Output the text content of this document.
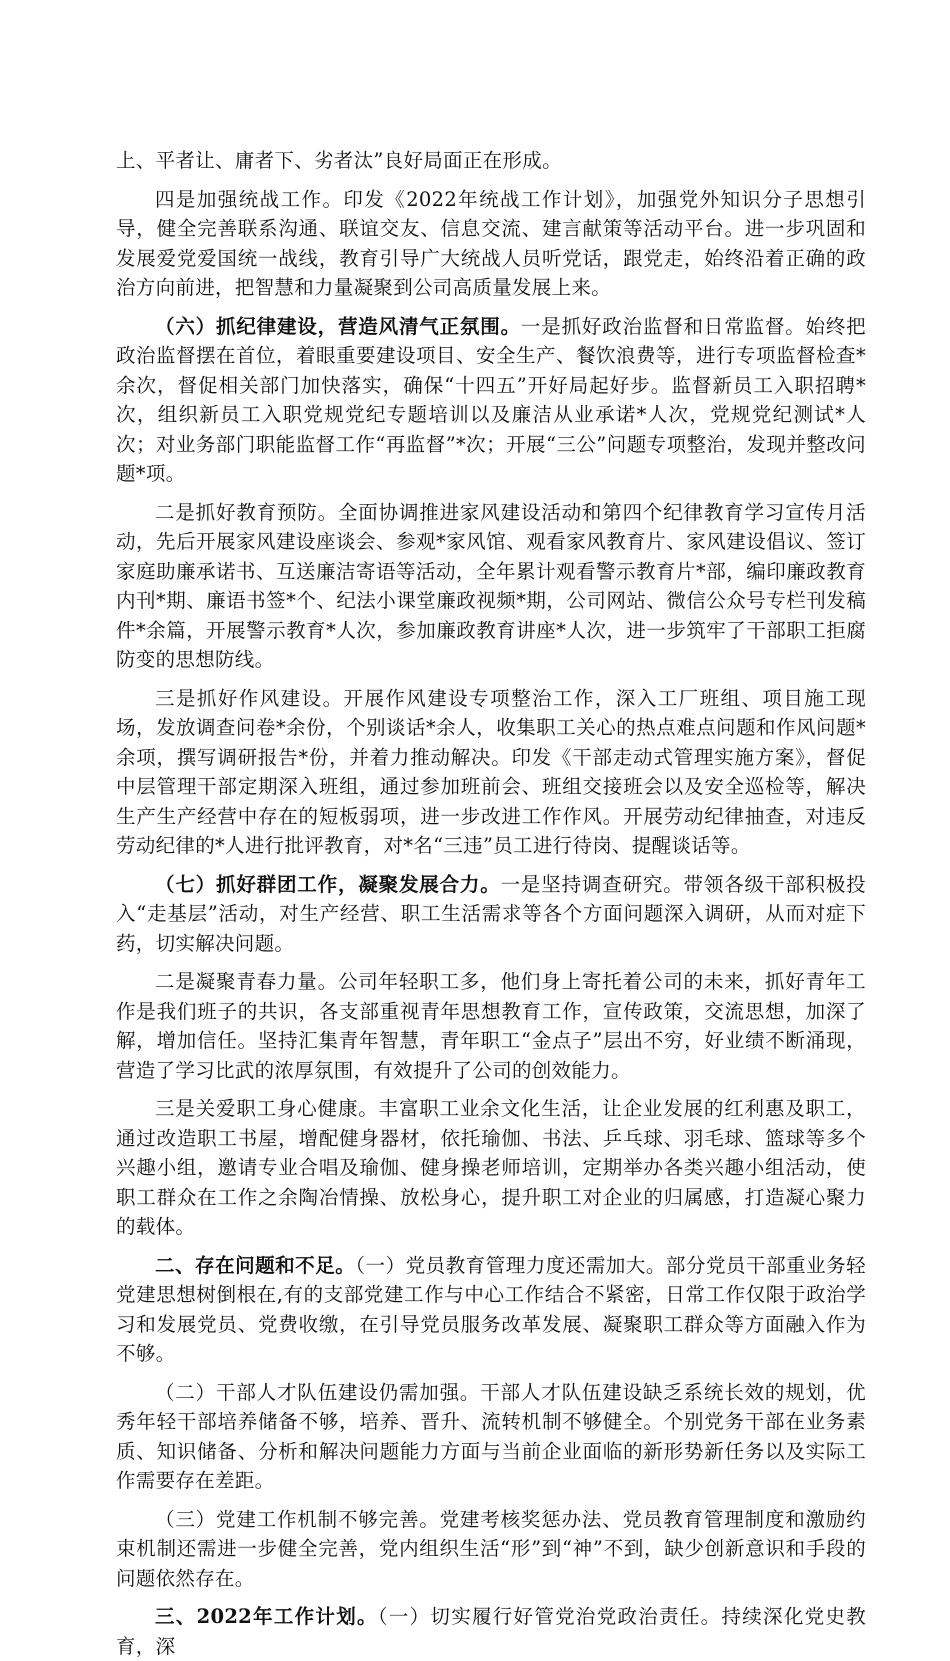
上、平者让、庸者下、劣者汰”良好局面正在形成。

四是加强统战工作。印发《2022年统战工作计划》，加强党外知识分子思想引导，健全完善联系沟通、联谊交友、信息交流、建言献策等活动平台。进一步巩固和发展爱党爱国统一战线，教育引导广大统战人员听党话，跟党走，始终沿着正确的政治方向前进，把智慧和力量凝聚到公司高质量发展上来。

（六）抓纪律建设，营造风清气正氛围。一是抓好政治监督和日常监督。始终把政治监督摆在首位，着眼重要建设项目、安全生产、餐饮浪费等，进行专项监督检查*余次，督促相关部门加快落实，确保“十四五”开好局起好步。监督新员工入职招聘*次，组织新员工入职党规党纪专题培训以及廉洁从业承诺*人次，党规党纪测试*人次；对业务部门职能监督工作“再监督”*次；开展“三公”问题专项整治，发现并整改问题*项。

二是抓好教育预防。全面协调推进家风建设活动和第四个纪律教育学习宣传月活动，先后开展家风建设座谈会、参观*家风馆、观看家风教育片、家风建设倡议、签订家庭助廉承诺书、互送廉洁寄语等活动，全年累计观看警示教育片*部，编印廉政教育内刊*期、廉语书签*个、纪法小课堂廉政视频*期，公司网站、微信公众号专栏刊发稿件*余篇，开展警示教育*人次，参加廉政教育讲座*人次，进一步筑牢了干部职工拒腐防变的思想防线。

三是抓好作风建设。开展作风建设专项整治工作，深入工厂班组、项目施工现场，发放调查问卷*余份，个别谈话*余人，收集职工关心的热点难点问题和作风问题*余项，撰写调研报告*份，并着力推动解决。印发《干部走动式管理实施方案》，督促中层管理干部定期深入班组，通过参加班前会、班组交接班会以及安全巡检等，解决生产生产经营中存在的短板弱项，进一步改进工作作风。开展劳动纪律抽查，对违反劳动纪律的*人进行批评教育，对*名“三违”员工进行待岗、提醒谈话等。

（七）抓好群团工作，凝聚发展合力。一是坚持调查研究。带领各级干部积极投入“走基层”活动，对生产经营、职工生活需求等各个方面问题深入调研，从而对症下药，切实解决问题。

二是凝聚青春力量。公司年轻职工多，他们身上寄托着公司的未来，抓好青年工作是我们班子的共识，各支部重视青年思想教育工作，宣传政策，交流思想，加深了解，增加信任。坚持汇集青年智慧，青年职工“金点子”层出不穷，好业绩不断涌现，营造了学习比武的浓厚氛围，有效提升了公司的创效能力。

三是关爱职工身心健康。丰富职工业余文化生活，让企业发展的红利惠及职工，通过改造职工书屋，增配健身器材，依托瑜伽、书法、乒乓球、羽毛球、篮球等多个兴趣小组，邀请专业合唱及瑜伽、健身操老师培训，定期举办各类兴趣小组活动，使职工群众在工作之余陶冶情操、放松身心，提升职工对企业的归属感，打造凝心聚力的载体。

二、存在问题和不足。（一）党员教育管理力度还需加大。部分党员干部重业务轻党建思想树倒根在,有的支部党建工作与中心工作结合不紧密，日常工作仅限于政治学习和发展党员、党费收缴，在引导党员服务改革发展、凝聚职工群众等方面融入作为不够。

（二）干部人才队伍建设仍需加强。干部人才队伍建设缺乏系统长效的规划，优秀年轻干部培养储备不够，培养、晋升、流转机制不够健全。个别党务干部在业务素质、知识储备、分析和解决问题能力方面与当前企业面临的新形势新任务以及实际工作需要存在差距。

（三）党建工作机制不够完善。党建考核奖惩办法、党员教育管理制度和激励约束机制还需进一步健全完善，党内组织生活“形”到“神”不到，缺少创新意识和手段的问题依然存在。

三、2022年工作计划。（一）切实履行好管党治党政治责任。持续深化党史教育，深
